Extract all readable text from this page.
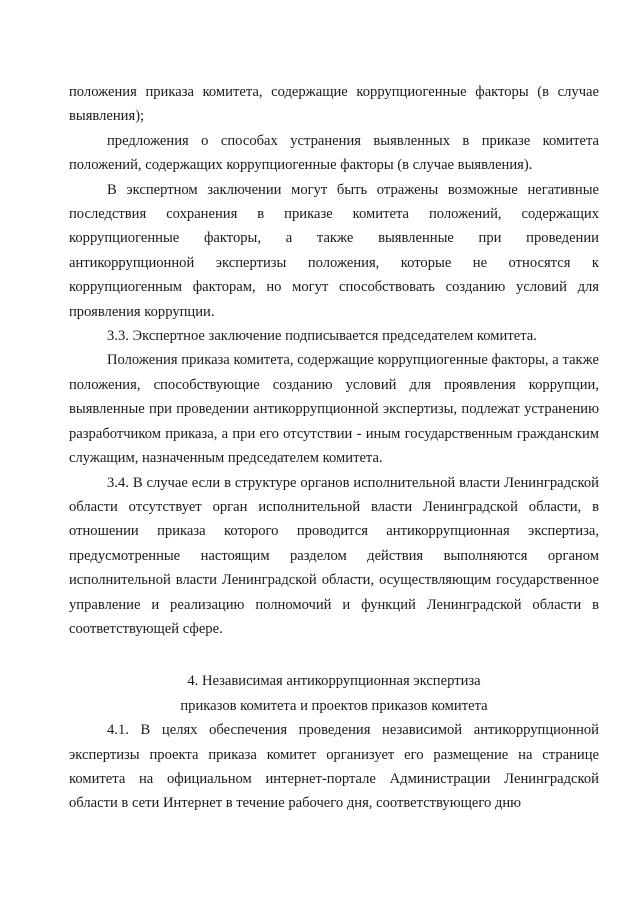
положения приказа комитета, содержащие коррупциогенные факторы (в случае выявления);

предложения о способах устранения выявленных в приказе комитета положений, содержащих коррупциогенные факторы (в случае выявления).

В экспертном заключении могут быть отражены возможные негативные последствия сохранения в приказе комитета положений, содержащих коррупциогенные факторы, а также выявленные при проведении антикоррупционной экспертизы положения, которые не относятся к коррупциогенным факторам, но могут способствовать созданию условий для проявления коррупции.

3.3. Экспертное заключение подписывается председателем комитета.

Положения приказа комитета, содержащие коррупциогенные факторы, а также положения, способствующие созданию условий для проявления коррупции, выявленные при проведении антикоррупционной экспертизы, подлежат устранению разработчиком приказа, а при его отсутствии - иным государственным гражданским служащим, назначенным председателем комитета.

3.4. В случае если в структуре органов исполнительной власти Ленинградской области отсутствует орган исполнительной власти Ленинградской области, в отношении приказа которого проводится антикоррупционная экспертиза, предусмотренные настоящим разделом действия выполняются органом исполнительной власти Ленинградской области, осуществляющим государственное управление и реализацию полномочий и функций Ленинградской области в соответствующей сфере.

4. Независимая антикоррупционная экспертиза

приказов комитета и проектов приказов комитета

4.1. В целях обеспечения проведения независимой антикоррупционной экспертизы проекта приказа комитет организует его размещение на странице комитета на официальном интернет-портале Администрации Ленинградской области в сети Интернет в течение рабочего дня, соответствующего дню
